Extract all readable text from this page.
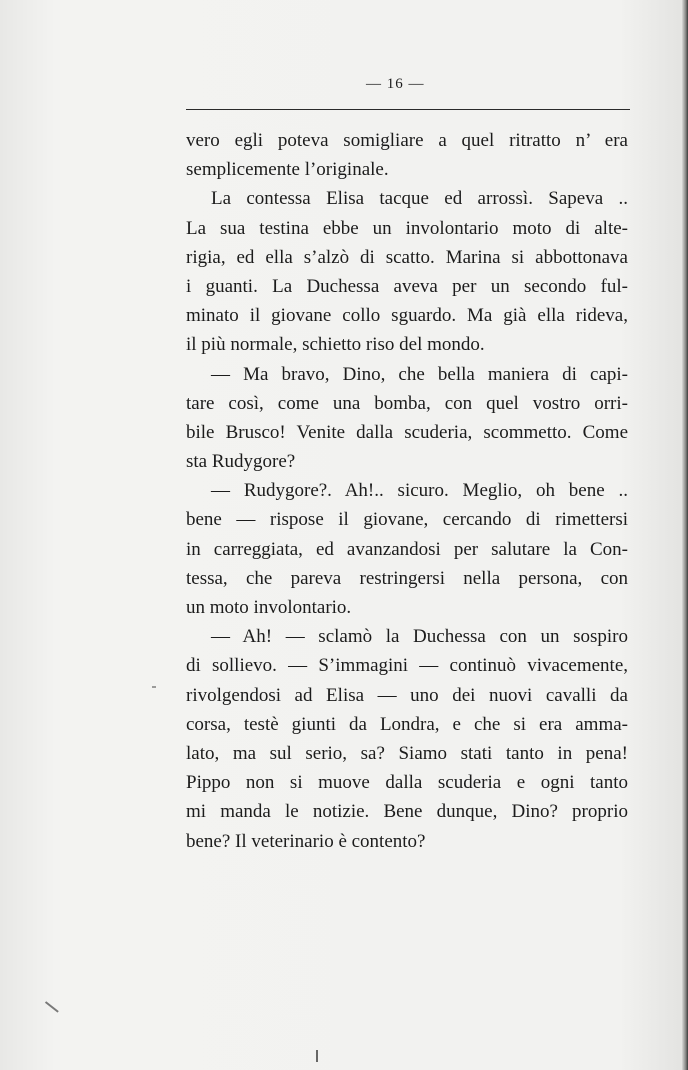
— 16 —
vero egli poteva somigliare a quel ritratto n’ era
semplicemente l’originale.
La contessa Elisa tacque ed arrossì. Sapeva ..
La sua testina ebbe un involontario moto di alte-
rigia, ed ella s’alzò di scatto. Marina si abbottonava
i guanti. La Duchessa aveva per un secondo ful-
minato il giovane collo sguardo. Ma già ella rideva,
il più normale, schietto riso del mondo.
— Ma bravo, Dino, che bella maniera di capi-
tare così, come una bomba, con quel vostro orri-
bile Brusco! Venite dalla scuderia, scommetto. Come
sta Rudygore?
— Rudygore?. Ah!.. sicuro. Meglio, oh bene ..
bene — rispose il giovane, cercando di rimettersi
in carreggiata, ed avanzandosi per salutare la Con-
tessa, che pareva restringersi nella persona, con
un moto involontario.
— Ah! — sclamò la Duchessa con un sospiro
di sollievo. — S’immagini — continuò vivacemente,
rivolgendosi ad Elisa — uno dei nuovi cavalli da
corsa, testè giunti da Londra, e che si era amma-
lato, ma sul serio, sa? Siamo stati tanto in pena!
Pippo non si muove dalla scuderia e ogni tanto
mi manda le notizie. Bene dunque, Dino? proprio
bene? Il veterinario è contento?
